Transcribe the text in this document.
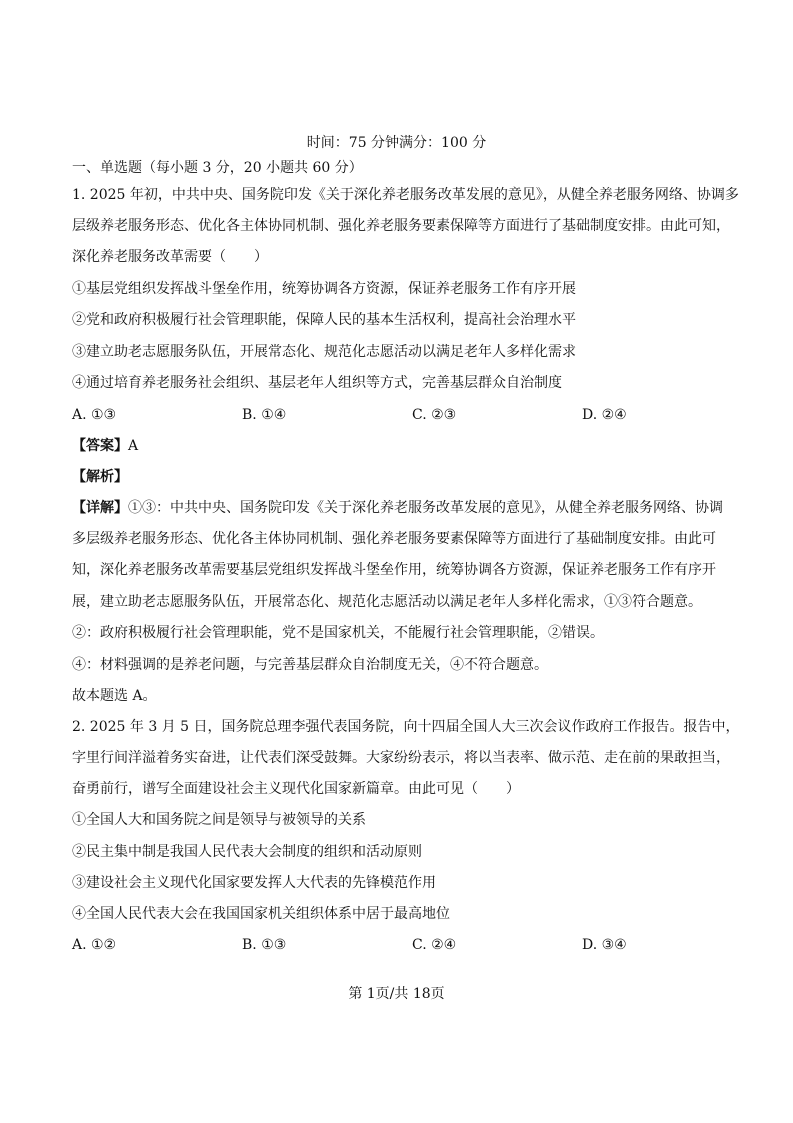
时间：75 分钟满分：100 分
一、单选题（每小题 3 分，20 小题共 60 分）
1. 2025 年初，中共中央、国务院印发《关于深化养老服务改革发展的意见》，从健全养老服务网络、协调多
层级养老服务形态、优化各主体协同机制、强化养老服务要素保障等方面进行了基础制度安排。由此可知，
深化养老服务改革需要（　　）
①基层党组织发挥战斗堡垒作用，统筹协调各方资源，保证养老服务工作有序开展
②党和政府积极履行社会管理职能，保障人民的基本生活权利，提高社会治理水平
③建立助老志愿服务队伍，开展常态化、规范化志愿活动以满足老年人多样化需求
④通过培育养老服务社会组织、基层老年人组织等方式，完善基层群众自治制度
A. ①③	B. ①④	C. ②③	D. ②④
【答案】A
【解析】
【详解】①③：中共中央、国务院印发《关于深化养老服务改革发展的意见》，从健全养老服务网络、协调
多层级养老服务形态、优化各主体协同机制、强化养老服务要素保障等方面进行了基础制度安排。由此可
知，深化养老服务改革需要基层党组织发挥战斗堡垒作用，统筹协调各方资源，保证养老服务工作有序开
展，建立助老志愿服务队伍，开展常态化、规范化志愿活动以满足老年人多样化需求，①③符合题意。
②：政府积极履行社会管理职能，党不是国家机关，不能履行社会管理职能，②错误。
④：材料强调的是养老问题，与完善基层群众自治制度无关，④不符合题意。
故本题选 A。
2. 2025 年 3 月 5 日，国务院总理李强代表国务院，向十四届全国人大三次会议作政府工作报告。报告中，
字里行间洋溢着务实奋进，让代表们深受鼓舞。大家纷纷表示，将以当表率、做示范、走在前的果敢担当，
奋勇前行，谱写全面建设社会主义现代化国家新篇章。由此可见（　　）
①全国人大和国务院之间是领导与被领导的关系
②民主集中制是我国人民代表大会制度的组织和活动原则
③建设社会主义现代化国家要发挥人大代表的先锋模范作用
④全国人民代表大会在我国国家机关组织体系中居于最高地位
A. ①②	B. ①③	C. ②④	D. ③④
第 1页/共 18页
